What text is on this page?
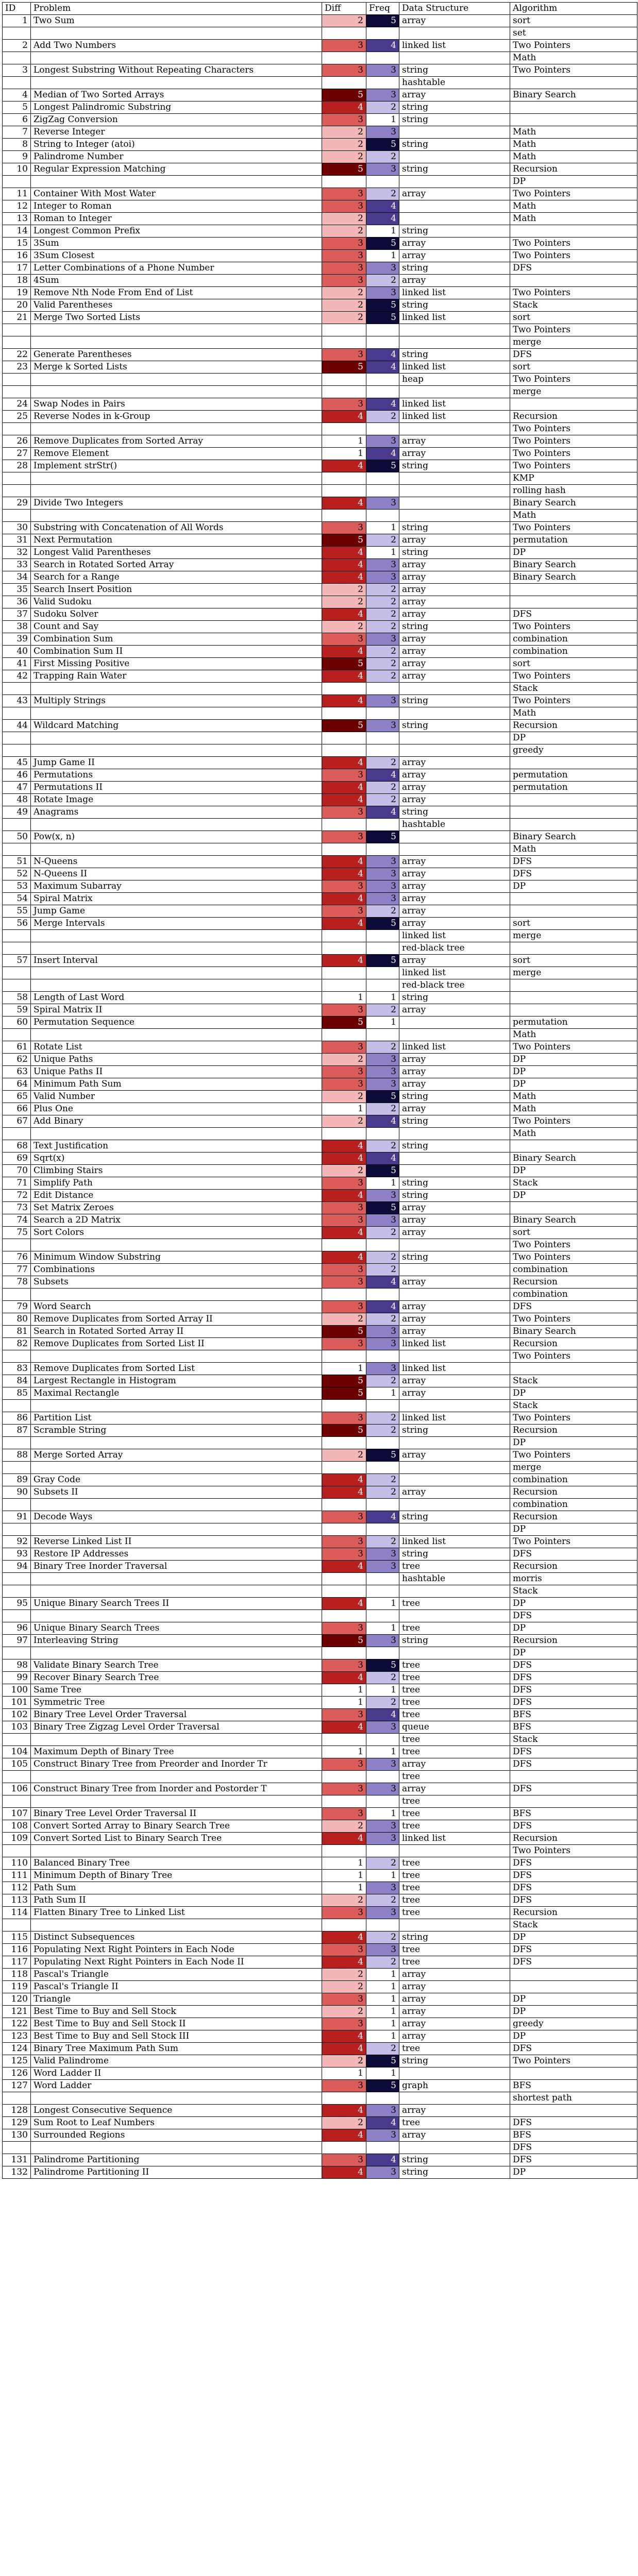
ID	Problem	Diff	Freq	Data Structure	Algorithm
1	Two Sum	2	5	array	sort
					set
2	Add Two Numbers	3	4	linked list	Two Pointers
					Math
3	Longest Substring Without Repeating Characters	3	3	string	Two Pointers
				hashtable	
4	Median of Two Sorted Arrays	5	3	array	Binary Search
5	Longest Palindromic Substring	4	2	string	
6	ZigZag Conversion	3	1	string	
7	Reverse Integer	2	3		Math
8	String to Integer (atoi)	2	5	string	Math
9	Palindrome Number	2	2		Math
10	Regular Expression Matching	5	3	string	Recursion
					DP
11	Container With Most Water	3	2	array	Two Pointers
12	Integer to Roman	3	4		Math
13	Roman to Integer	2	4		Math
14	Longest Common Prefix	2	1	string	
15	3Sum	3	5	array	Two Pointers
16	3Sum Closest	3	1	array	Two Pointers
17	Letter Combinations of a Phone Number	3	3	string	DFS
18	4Sum	3	2	array	
19	Remove Nth Node From End of List	2	3	linked list	Two Pointers
20	Valid Parentheses	2	5	string	Stack
21	Merge Two Sorted Lists	2	5	linked list	sort
					Two Pointers
					merge
22	Generate Parentheses	3	4	string	DFS
23	Merge k Sorted Lists	5	4	linked list	sort
				heap	Two Pointers
					merge
24	Swap Nodes in Pairs	3	4	linked list	
25	Reverse Nodes in k-Group	4	2	linked list	Recursion
					Two Pointers
26	Remove Duplicates from Sorted Array	1	3	array	Two Pointers
27	Remove Element	1	4	array	Two Pointers
28	Implement strStr()	4	5	string	Two Pointers
					KMP
					rolling hash
29	Divide Two Integers	4	3		Binary Search
					Math
30	Substring with Concatenation of All Words	3	1	string	Two Pointers
31	Next Permutation	5	2	array	permutation
32	Longest Valid Parentheses	4	1	string	DP
33	Search in Rotated Sorted Array	4	3	array	Binary Search
34	Search for a Range	4	3	array	Binary Search
35	Search Insert Position	2	2	array	
36	Valid Sudoku	2	2	array	
37	Sudoku Solver	4	2	array	DFS
38	Count and Say	2	2	string	Two Pointers
39	Combination Sum	3	3	array	combination
40	Combination Sum II	4	2	array	combination
41	First Missing Positive	5	2	array	sort
42	Trapping Rain Water	4	2	array	Two Pointers
					Stack
43	Multiply Strings	4	3	string	Two Pointers
					Math
44	Wildcard Matching	5	3	string	Recursion
					DP
					greedy
45	Jump Game II	4	2	array	
46	Permutations	3	4	array	permutation
47	Permutations II	4	2	array	permutation
48	Rotate Image	4	2	array	
49	Anagrams	3	4	string	
				hashtable	
50	Pow(x, n)	3	5		Binary Search
					Math
51	N-Queens	4	3	array	DFS
52	N-Queens II	4	3	array	DFS
53	Maximum Subarray	3	3	array	DP
54	Spiral Matrix	4	3	array	
55	Jump Game	3	2	array	
56	Merge Intervals	4	5	array	sort
				linked list	merge
				red-black tree	
57	Insert Interval	4	5	array	sort
				linked list	merge
				red-black tree	
58	Length of Last Word	1	1	string	
59	Spiral Matrix II	3	2	array	
60	Permutation Sequence	5	1		permutation
					Math
61	Rotate List	3	2	linked list	Two Pointers
62	Unique Paths	2	3	array	DP
63	Unique Paths II	3	3	array	DP
64	Minimum Path Sum	3	3	array	DP
65	Valid Number	2	5	string	Math
66	Plus One	1	2	array	Math
67	Add Binary	2	4	string	Two Pointers
					Math
68	Text Justification	4	2	string	
69	Sqrt(x)	4	4		Binary Search
70	Climbing Stairs	2	5		DP
71	Simplify Path	3	1	string	Stack
72	Edit Distance	4	3	string	DP
73	Set Matrix Zeroes	3	5	array	
74	Search a 2D Matrix	3	3	array	Binary Search
75	Sort Colors	4	2	array	sort
					Two Pointers
76	Minimum Window Substring	4	2	string	Two Pointers
77	Combinations	3	2		combination
78	Subsets	3	4	array	Recursion
					combination
79	Word Search	3	4	array	DFS
80	Remove Duplicates from Sorted Array II	2	2	array	Two Pointers
81	Search in Rotated Sorted Array II	5	3	array	Binary Search
82	Remove Duplicates from Sorted List II	3	3	linked list	Recursion
					Two Pointers
83	Remove Duplicates from Sorted List	1	3	linked list	
84	Largest Rectangle in Histogram	5	2	array	Stack
85	Maximal Rectangle	5	1	array	DP
					Stack
86	Partition List	3	2	linked list	Two Pointers
87	Scramble String	5	2	string	Recursion
					DP
88	Merge Sorted Array	2	5	array	Two Pointers
					merge
89	Gray Code	4	2		combination
90	Subsets II	4	2	array	Recursion
					combination
91	Decode Ways	3	4	string	Recursion
					DP
92	Reverse Linked List II	3	2	linked list	Two Pointers
93	Restore IP Addresses	3	3	string	DFS
94	Binary Tree Inorder Traversal	4	3	tree	Recursion
				hashtable	morris
					Stack
95	Unique Binary Search Trees II	4	1	tree	DP
					DFS
96	Unique Binary Search Trees	3	1	tree	DP
97	Interleaving String	5	3	string	Recursion
					DP
98	Validate Binary Search Tree	3	5	tree	DFS
99	Recover Binary Search Tree	4	2	tree	DFS
100	Same Tree	1	1	tree	DFS
101	Symmetric Tree	1	2	tree	DFS
102	Binary Tree Level Order Traversal	3	4	tree	BFS
103	Binary Tree Zigzag Level Order Traversal	4	3	queue	BFS
				tree	Stack
104	Maximum Depth of Binary Tree	1	1	tree	DFS
105	Construct Binary Tree from Preorder and Inorder Tr	3	3	array	DFS
				tree	
106	Construct Binary Tree from Inorder and Postorder T	3	3	array	DFS
				tree	
107	Binary Tree Level Order Traversal II	3	1	tree	BFS
108	Convert Sorted Array to Binary Search Tree	2	3	tree	DFS
109	Convert Sorted List to Binary Search Tree	4	3	linked list	Recursion
					Two Pointers
110	Balanced Binary Tree	1	2	tree	DFS
111	Minimum Depth of Binary Tree	1	1	tree	DFS
112	Path Sum	1	3	tree	DFS
113	Path Sum II	2	2	tree	DFS
114	Flatten Binary Tree to Linked List	3	3	tree	Recursion
					Stack
115	Distinct Subsequences	4	2	string	DP
116	Populating Next Right Pointers in Each Node	3	3	tree	DFS
117	Populating Next Right Pointers in Each Node II	4	2	tree	DFS
118	Pascal's Triangle	2	1	array	
119	Pascal's Triangle II	2	1	array	
120	Triangle	3	1	array	DP
121	Best Time to Buy and Sell Stock	2	1	array	DP
122	Best Time to Buy and Sell Stock II	3	1	array	greedy
123	Best Time to Buy and Sell Stock III	4	1	array	DP
124	Binary Tree Maximum Path Sum	4	2	tree	DFS
125	Valid Palindrome	2	5	string	Two Pointers
126	Word Ladder II	1	1		
127	Word Ladder	3	5	graph	BFS
					shortest path
128	Longest Consecutive Sequence	4	3	array	
129	Sum Root to Leaf Numbers	2	4	tree	DFS
130	Surrounded Regions	4	3	array	BFS
					DFS
131	Palindrome Partitioning	3	4	string	DFS
132	Palindrome Partitioning II	4	3	string	DP
